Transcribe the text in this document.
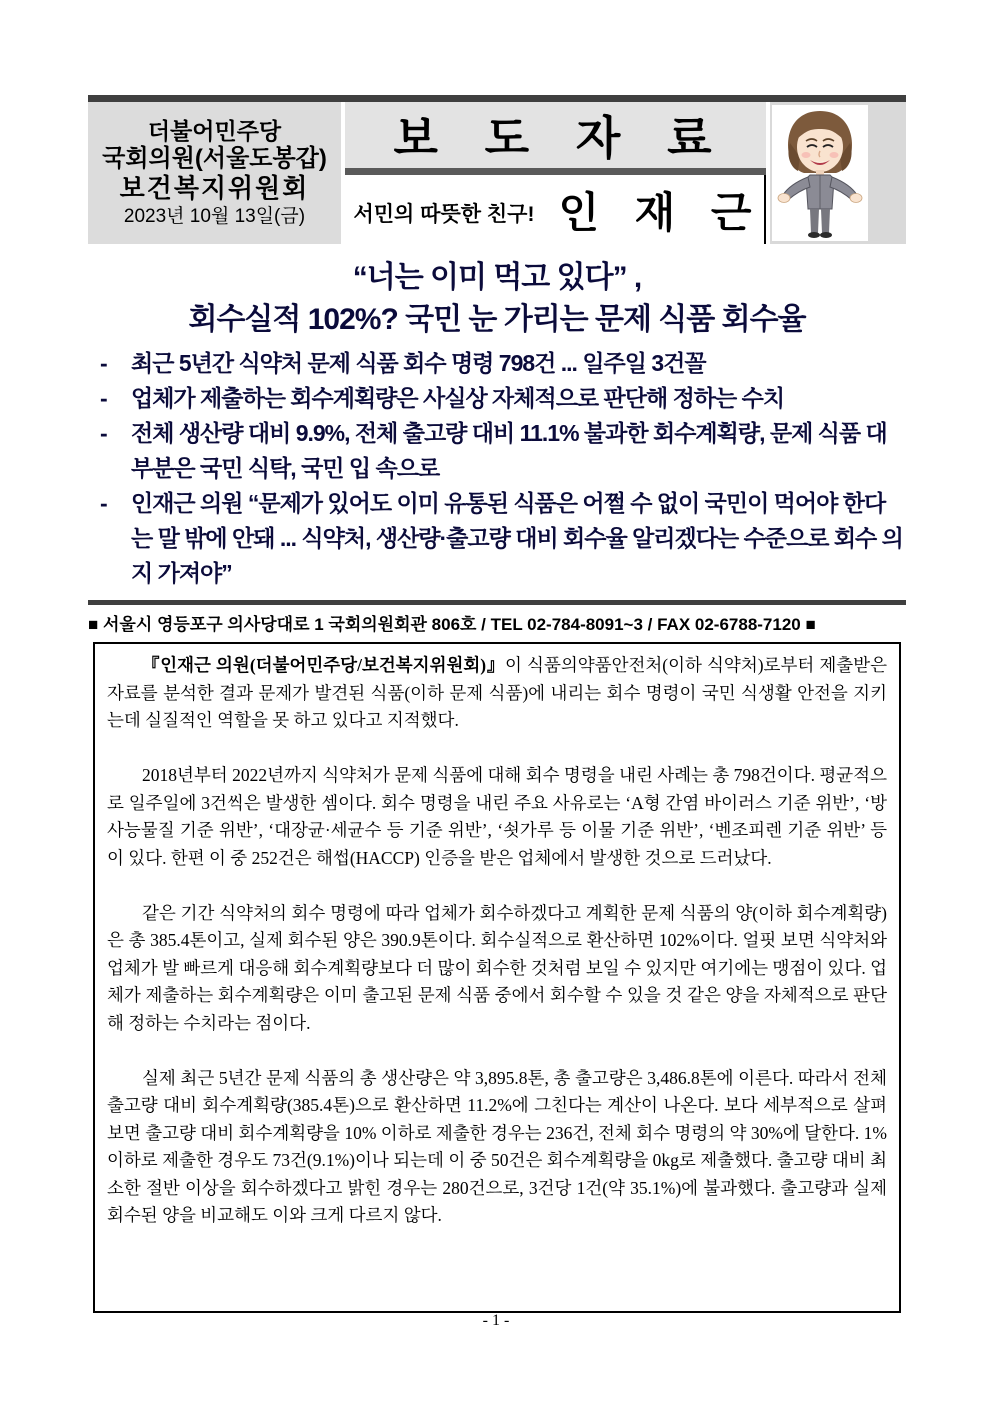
더불어민주당
국회의원(서울도봉갑)
보건복지위원회
2023년 10월 13일(금)
보 도 자 료
서민의 따뜻한 친구! 인 재 근
“너는 이미 먹고 있다” ,
회수실적 102%? 국민 눈 가리는 문제 식품 회수율
- 최근 5년간 식약처 문제 식품 회수 명령 798건 ... 일주일 3건꼴
- 업체가 제출하는 회수계획량은 사실상 자체적으로 판단해 정하는 수치
- 전체 생산량 대비 9.9%, 전체 출고량 대비 11.1% 불과한 회수계획량, 문제 식품 대부분은 국민 식탁, 국민 입 속으로
- 인재근 의원 “문제가 있어도 이미 유통된 식품은 어쩔 수 없이 국민이 먹어야 한다는 말 밖에 안돼 ... 식약처, 생산량·출고량 대비 회수율 알리겠다는 수준으로 회수 의지 가져야”
■ 서울시 영등포구 의사당대로 1 국회의원회관 806호 / TEL 02-784-8091~3 / FAX 02-6788-7120 ■

『인재근 의원(더불어민주당/보건복지위원회)』이 식품의약품안전처(이하 식약처)로부터 제출받은 자료를 분석한 결과 문제가 발견된 식품(이하 문제 식품)에 내리는 회수 명령이 국민 식생활 안전을 지키는데 실질적인 역할을 못 하고 있다고 지적했다.

2018년부터 2022년까지 식약처가 문제 식품에 대해 회수 명령을 내린 사례는 총 798건이다. 평균적으로 일주일에 3건씩은 발생한 셈이다. 회수 명령을 내린 주요 사유로는 ‘A형 간염 바이러스 기준 위반’, ‘방사능물질 기준 위반’, ‘대장균·세균수 등 기준 위반’, ‘쇳가루 등 이물 기준 위반’, ‘벤조피렌 기준 위반’ 등이 있다. 한편 이 중 252건은 해썹(HACCP) 인증을 받은 업체에서 발생한 것으로 드러났다.

같은 기간 식약처의 회수 명령에 따라 업체가 회수하겠다고 계획한 문제 식품의 양(이하 회수계획량)은 총 385.4톤이고, 실제 회수된 양은 390.9톤이다. 회수실적으로 환산하면 102%이다. 얼핏 보면 식약처와 업체가 발 빠르게 대응해 회수계획량보다 더 많이 회수한 것처럼 보일 수 있지만 여기에는 맹점이 있다. 업체가 제출하는 회수계획량은 이미 출고된 문제 식품 중에서 회수할 수 있을 것 같은 양을 자체적으로 판단해 정하는 수치라는 점이다.

실제 최근 5년간 문제 식품의 총 생산량은 약 3,895.8톤, 총 출고량은 3,486.8톤에 이른다. 따라서 전체 출고량 대비 회수계획량(385.4톤)으로 환산하면 11.2%에 그친다는 계산이 나온다. 보다 세부적으로 살펴보면 출고량 대비 회수계획량을 10% 이하로 제출한 경우는 236건, 전체 회수 명령의 약 30%에 달한다. 1% 이하로 제출한 경우도 73건(9.1%)이나 되는데 이 중 50건은 회수계획량을 0kg로 제출했다. 출고량 대비 최소한 절반 이상을 회수하겠다고 밝힌 경우는 280건으로, 3건당 1건(약 35.1%)에 불과했다. 출고량과 실제 회수된 양을 비교해도 이와 크게 다르지 않다.

- 1 -
